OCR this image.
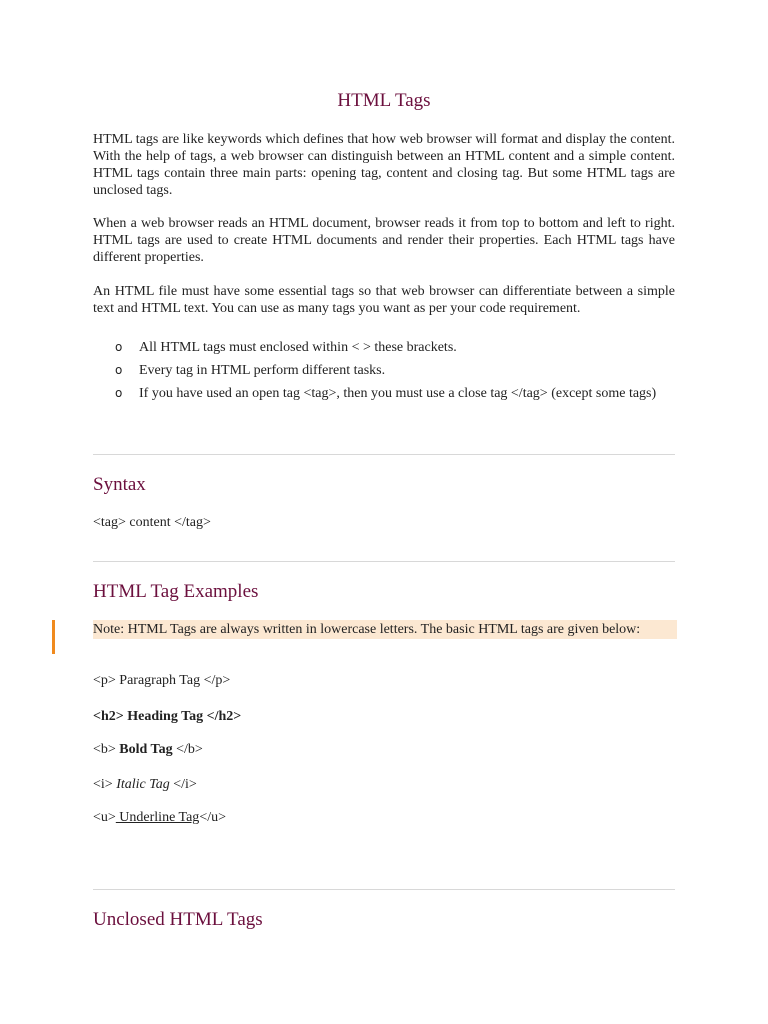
HTML Tags

HTML tags are like keywords which defines that how web browser will format and display the content. With the help of tags, a web browser can distinguish between an HTML content and a simple content. HTML tags contain three main parts: opening tag, content and closing tag. But some HTML tags are unclosed tags.

When a web browser reads an HTML document, browser reads it from top to bottom and left to right. HTML tags are used to create HTML documents and render their properties. Each HTML tags have different properties.

An HTML file must have some essential tags so that web browser can differentiate between a simple text and HTML text. You can use as many tags you want as per your code requirement.

o All HTML tags must enclosed within < > these brackets.
o Every tag in HTML perform different tasks.
o If you have used an open tag <tag>, then you must use a close tag </tag> (except some tags)
Syntax

<tag> content </tag>

HTML Tag Examples
Note: HTML Tags are always written in lowercase letters. The basic HTML tags are given below:

<p> Paragraph Tag </p>

<h2> Heading Tag </h2>

<b> Bold Tag </b>

<i> Italic Tag </i>

<u> Underline Tag</u>

Unclosed HTML Tags
